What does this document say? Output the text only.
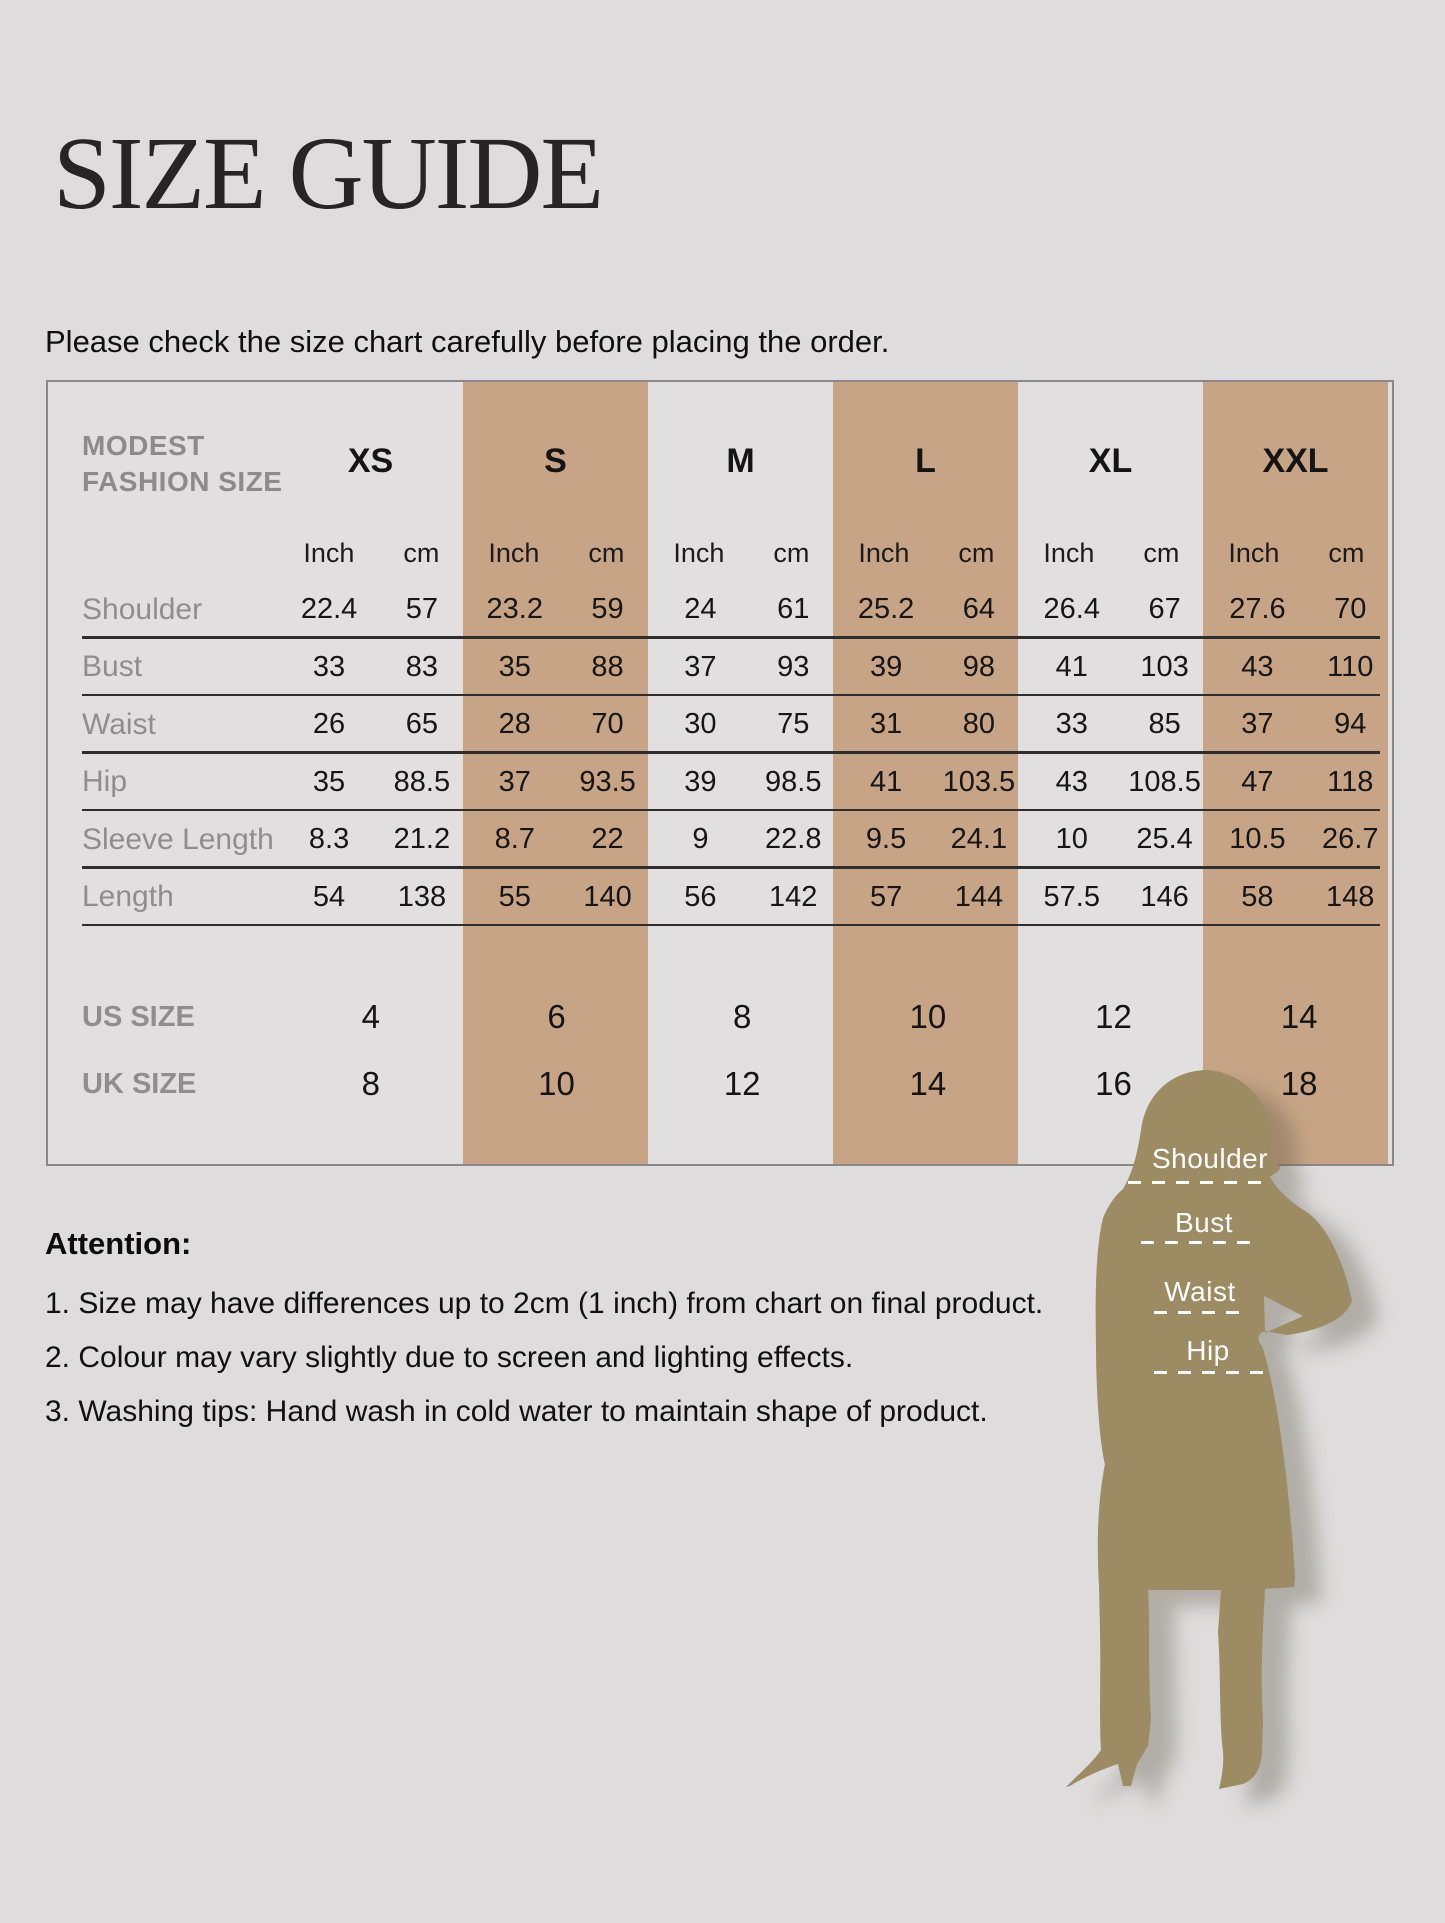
SIZE GUIDE
Please check the size chart carefully before placing the order.
MODEST
FASHION SIZE
XS	S	M	L	XL	XXL
Inch	cm	Inch	cm	Inch	cm	Inch	cm	Inch	cm	Inch	cm
Shoulder	22.4	57	23.2	59	24	61	25.2	64	26.4	67	27.6	70
Bust	33	83	35	88	37	93	39	98	41	103	43	110
Waist	26	65	28	70	30	75	31	80	33	85	37	94
Hip	35	88.5	37	93.5	39	98.5	41	103.5	43	108.5	47	118
Sleeve Length	8.3	21.2	8.7	22	9	22.8	9.5	24.1	10	25.4	10.5	26.7
Length	54	138	55	140	56	142	57	144	57.5	146	58	148
US SIZE	4	6	8	10	12	14
UK SIZE	8	10	12	14	16	18

Attention:

1. Size may have differences up to 2cm (1 inch) from chart on final product.

2. Colour may vary slightly due to screen and lighting effects.

3. Washing tips: Hand wash in cold water to maintain shape of product.

Shoulder
Bust
Waist
Hip
